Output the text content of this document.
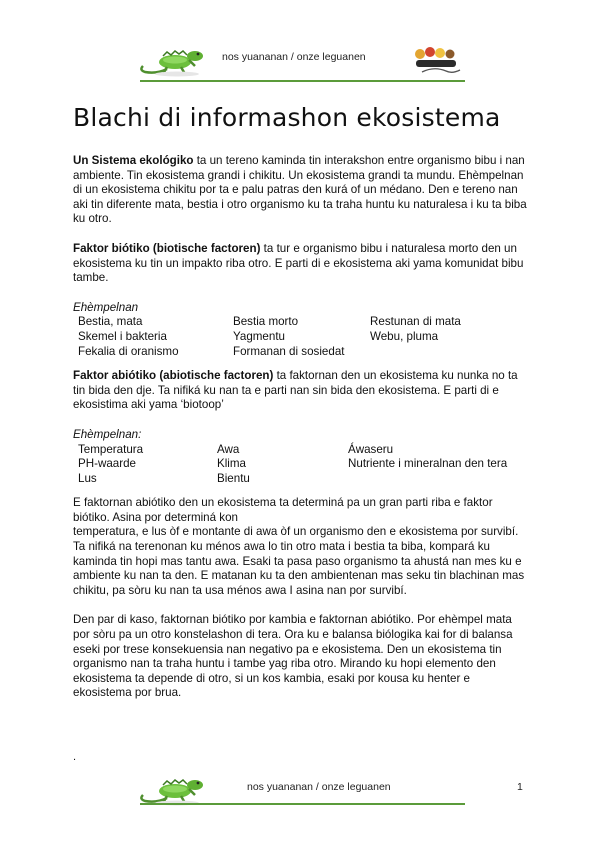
nos yuananan / onze leguanen
Blachi di informashon ekosistema

Un Sistema ekológiko ta un tereno kaminda tin interakshon entre organismo bibu i nan ambiente. Tin ekosistema grandi i chikitu. Un ekosistema grandi ta mundu. Ehèmpelnan di un ekosistema chikitu por ta e palu patras den kurá of un médano. Den e tereno nan aki tin diferente mata, bestia i otro organismo ku ta traha huntu ku naturalesa i ku ta biba ku otro.

Faktor biótiko (biotische factoren) ta tur e organismo bibu i naturalesa morto den un ekosistema ku tin un impakto riba otro. E parti di e ekosistema aki yama komunidat bibu tambe.

Ehèmpelnan
Bestia, mata	Bestia morto	Restunan di mata
Skemel i bakteria	Yagmentu	Webu, pluma
Fekalia di oranismo	Formanan di sosiedat

Faktor abiótiko (abiotische factoren) ta faktornan den un ekosistema ku nunka no ta tin bida den dje. Ta nifiká ku nan ta e parti nan sin bida den ekosistema. E parti di e ekosistima aki yama ‘biotoop’

Ehèmpelnan:
Temperatura	Awa	Áwaseru
PH-waarde	Klima	Nutriente i mineralnan den tera
Lus	Bientu

E faktornan abiótiko den un ekosistema ta determiná pa un gran parti riba e faktor biótiko. Asina por determiná kon

temperatura, e lus òf e montante di awa òf un organismo den e ekosistema por survibí. Ta nifiká na terenonan ku ménos awa lo tin otro mata i bestia ta biba, kompará ku kaminda tin hopi mas tantu awa. Esaki ta pasa paso organismo ta ahustá nan mes ku e ambiente ku nan ta den. E matanan ku ta den ambientenan mas seku tin blachinan mas chikitu, pa sòru ku nan ta usa ménos awa I asina nan por survibí.

Den par di kaso, faktornan biótiko por kambia e faktornan abiótiko. Por ehèmpel mata por sòru pa un otro konstelashon di tera. Ora ku e balansa biólogika kai for di balansa eseki por trese konsekuensia nan negativo pa e ekosistema. Den un ekosistema tin organismo nan ta traha huntu i tambe yag riba otro. Mirando ku hopi elemento den ekosistema ta depende di otro, si un kos kambia, esaki por kousa ku henter e ekosistema por brua.

.
nos yuananan / onze leguanen	1
